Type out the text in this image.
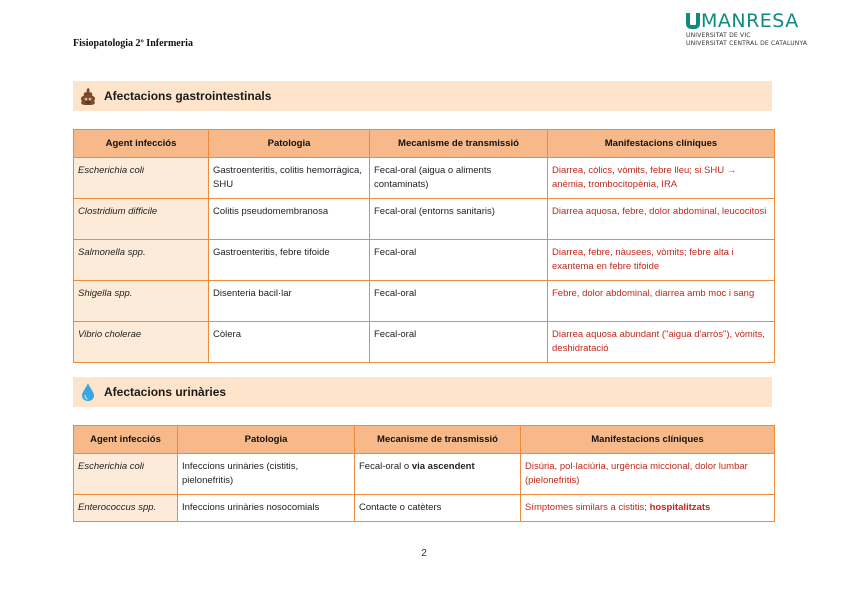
Fisiopatologia 2º Infermeria
MANRESA
UNIVERSITAT DE VIC
UNIVERSITAT CENTRAL DE CATALUNYA
Afectacions gastrointestinals
Agent infecciós	Patologia	Mecanisme de transmissió	Manifestacions clíniques
Escherichia coli	Gastroenteritis, colitis hemorràgica, SHU	Fecal-oral (aigua o aliments contaminats)	Diarrea, còlics, vòmits, febre lleu; si SHU → anèmia, trombocitopènia, IRA
Clostridium difficile	Colitis pseudomembranosa	Fecal-oral (entorns sanitaris)	Diarrea aquosa, febre, dolor abdominal, leucocitosi
Salmonella spp.	Gastroenteritis, febre tifoide	Fecal-oral	Diarrea, febre, nàusees, vòmits; febre alta i exantema en febre tifoide
Shigella spp.	Disenteria bacil·lar	Fecal-oral	Febre, dolor abdominal, diarrea amb moc i sang
Vibrio cholerae	Còlera	Fecal-oral	Diarrea aquosa abundant ("aigua d'arròs"), vòmits, deshidratació
Afectacions urinàries
Agent infecciós	Patologia	Mecanisme de transmissió	Manifestacions clíniques
Escherichia coli	Infeccions urinàries (cistitis, pielonefritis)	Fecal-oral o via ascendent	Disúria, pol·laciúria, urgència miccional, dolor lumbar (pielonefritis)
Enterococcus spp.	Infeccions urinàries nosocomials	Contacte o catèters	Símptomes similars a cistitis; hospitalitzats
2
